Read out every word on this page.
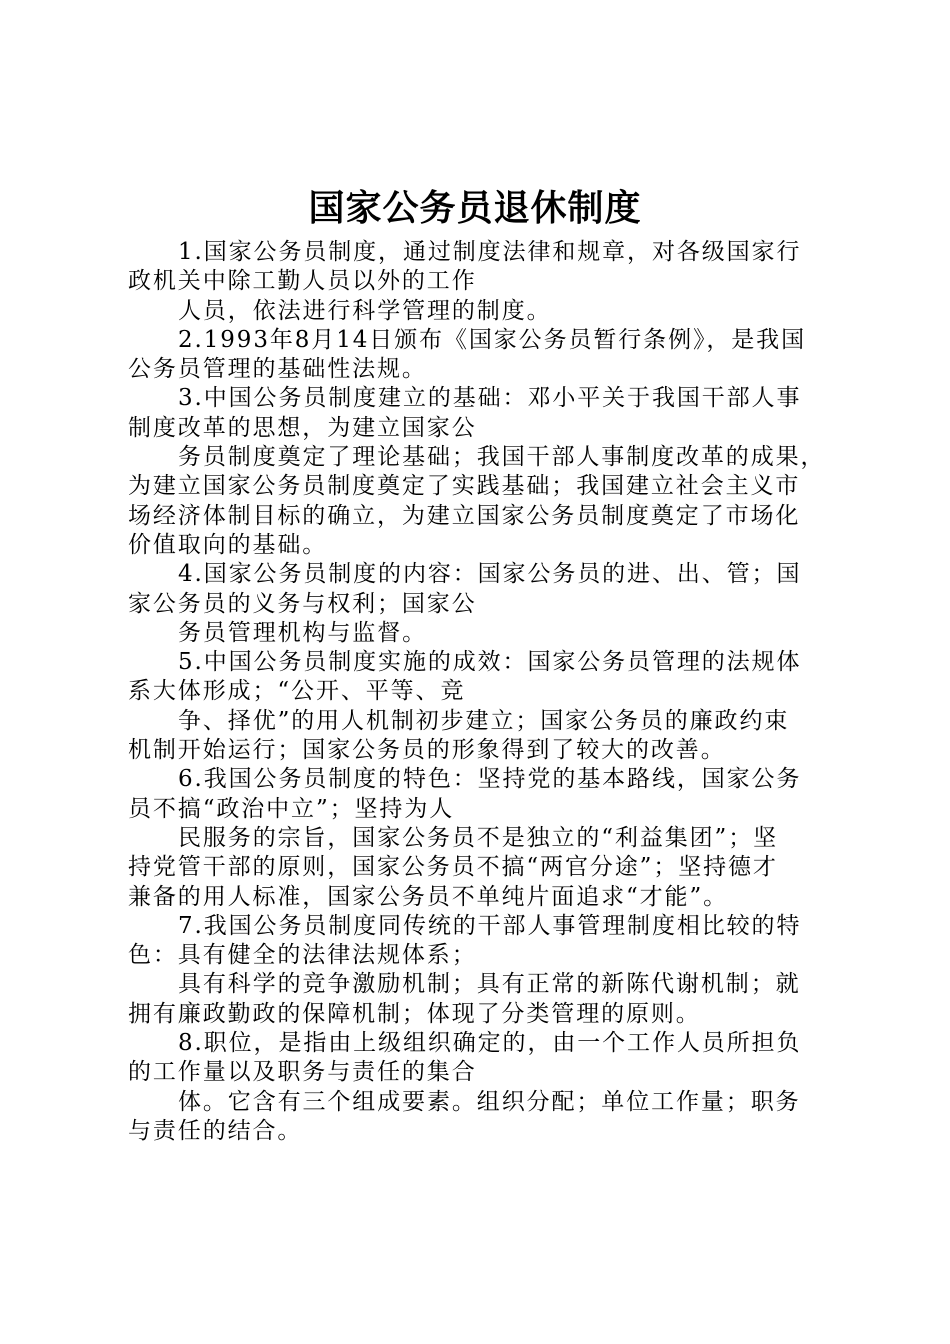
国家公务员退休制度
1.国家公务员制度，通过制度法律和规章，对各级国家行
政机关中除工勤人员以外的工作
人员，依法进行科学管理的制度。
2.1993年8月14日颁布《国家公务员暂行条例》，是我国
公务员管理的基础性法规。
3.中国公务员制度建立的基础：邓小平关于我国干部人事
制度改革的思想，为建立国家公
务员制度奠定了理论基础；我国干部人事制度改革的成果，
为建立国家公务员制度奠定了实践基础；我国建立社会主义市
场经济体制目标的确立，为建立国家公务员制度奠定了市场化
价值取向的基础。
4.国家公务员制度的内容：国家公务员的进、出、管；国
家公务员的义务与权利；国家公
务员管理机构与监督。
5.中国公务员制度实施的成效：国家公务员管理的法规体
系大体形成；“公开、平等、竞
争、择优”的用人机制初步建立；国家公务员的廉政约束
机制开始运行；国家公务员的形象得到了较大的改善。
6.我国公务员制度的特色：坚持党的基本路线，国家公务
员不搞“政治中立”；坚持为人
民服务的宗旨，国家公务员不是独立的“利益集团”；坚
持党管干部的原则，国家公务员不搞“两官分途”；坚持德才
兼备的用人标准，国家公务员不单纯片面追求“才能”。
7.我国公务员制度同传统的干部人事管理制度相比较的特
色：具有健全的法律法规体系；
具有科学的竞争激励机制；具有正常的新陈代谢机制；就
拥有廉政勤政的保障机制；体现了分类管理的原则。
8.职位，是指由上级组织确定的，由一个工作人员所担负
的工作量以及职务与责任的集合
体。它含有三个组成要素。组织分配；单位工作量；职务
与责任的结合。
